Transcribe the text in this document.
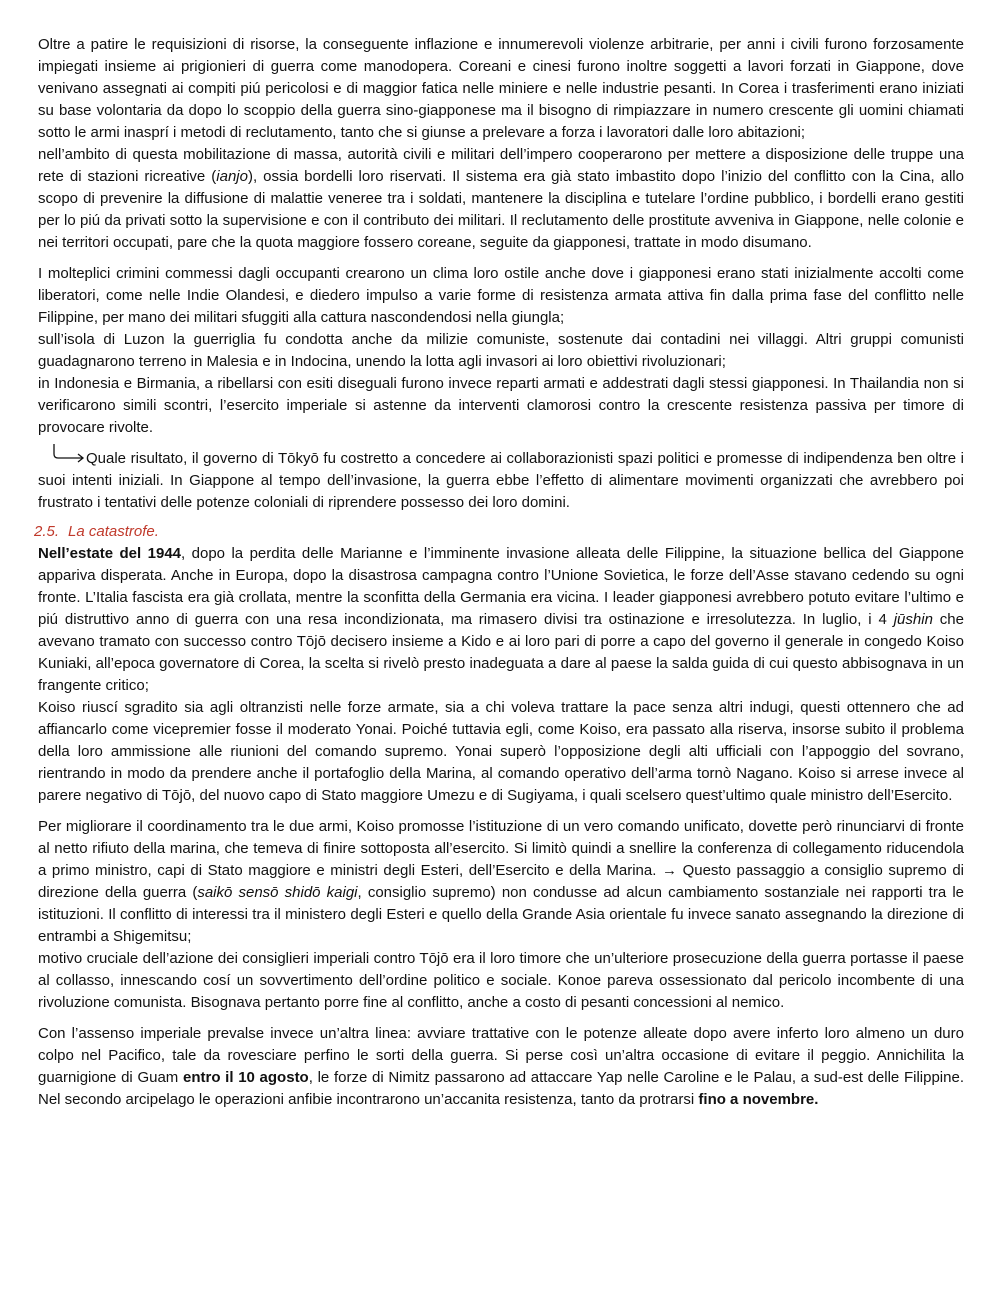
Oltre a patire le requisizioni di risorse, la conseguente inflazione e innumerevoli violenze arbitrarie, per anni i civili furono forzosamente impiegati insieme ai prigionieri di guerra come manodopera. Coreani e cinesi furono inoltre soggetti a lavori forzati in Giappone, dove venivano assegnati ai compiti piú pericolosi e di maggior fatica nelle miniere e nelle industrie pesanti. In Corea i trasferimenti erano iniziati su base volontaria da dopo lo scoppio della guerra sino-giapponese ma il bisogno di rimpiazzare in numero crescente gli uomini chiamati sotto le armi inasprí i metodi di reclutamento, tanto che si giunse a prelevare a forza i lavoratori dalle loro abitazioni;
nell’ambito di questa mobilitazione di massa, autorità civili e militari dell’impero cooperarono per mettere a disposizione delle truppe una rete di stazioni ricreative (ianjo), ossia bordelli loro riservati. Il sistema era già stato imbastito dopo l’inizio del conflitto con la Cina, allo scopo di prevenire la diffusione di malattie veneree tra i soldati, mantenere la disciplina e tutelare l’ordine pubblico, i bordelli erano gestiti per lo piú da privati sotto la supervisione e con il contributo dei militari. Il reclutamento delle prostitute avveniva in Giappone, nelle colonie e nei territori occupati, pare che la quota maggiore fossero coreane, seguite da giapponesi, trattate in modo disumano.

I molteplici crimini commessi dagli occupanti crearono un clima loro ostile anche dove i giapponesi erano stati inizialmente accolti come liberatori, come nelle Indie Olandesi, e diedero impulso a varie forme di resistenza armata attiva fin dalla prima fase del conflitto nelle Filippine, per mano dei militari sfuggiti alla cattura nascondendosi nella giungla;
sull’isola di Luzon la guerriglia fu condotta anche da milizie comuniste, sostenute dai contadini nei villaggi. Altri gruppi comunisti guadagnarono terreno in Malesia e in Indocina, unendo la lotta agli invasori ai loro obiettivi rivoluzionari;
in Indonesia e Birmania, a ribellarsi con esiti diseguali furono invece reparti armati e addestrati dagli stessi giapponesi. In Thailandia non si verificarono simili scontri, l’esercito imperiale si astenne da interventi clamorosi contro la crescente resistenza passiva per timore di provocare rivolte.

Quale risultato, il governo di Tōkyō fu costretto a concedere ai collaborazionisti spazi politici e promesse di indipendenza ben oltre i suoi intenti iniziali. In Giappone al tempo dell’invasione, la guerra ebbe l’effetto di alimentare movimenti organizzati che avrebbero poi frustrato i tentativi delle potenze coloniali di riprendere possesso dei loro domini.

2.5. La catastrofe.

Nell’estate del 1944, dopo la perdita delle Marianne e l’imminente invasione alleata delle Filippine, la situazione bellica del Giappone appariva disperata. Anche in Europa, dopo la disastrosa campagna contro l’Unione Sovietica, le forze dell’Asse stavano cedendo su ogni fronte. L’Italia fascista era già crollata, mentre la sconfitta della Germania era vicina. I leader giapponesi avrebbero potuto evitare l’ultimo e piú distruttivo anno di guerra con una resa incondizionata, ma rimasero divisi tra ostinazione e irresolutezza. In luglio, i 4 jūshin che avevano tramato con successo contro Tōjō decisero insieme a Kido e ai loro pari di porre a capo del governo il generale in congedo Koiso Kuniaki, all’epoca governatore di Corea, la scelta si rivelò presto inadeguata a dare al paese la salda guida di cui questo abbisognava in un frangente critico;
Koiso riuscí sgradito sia agli oltranzisti nelle forze armate, sia a chi voleva trattare la pace senza altri indugi, questi ottennero che ad affiancarlo come vicepremier fosse il moderato Yonai. Poiché tuttavia egli, come Koiso, era passato alla riserva, insorse subito il problema della loro ammissione alle riunioni del comando supremo. Yonai superò l’opposizione degli alti ufficiali con l’appoggio del sovrano, rientrando in modo da prendere anche il portafoglio della Marina, al comando operativo dell’arma tornò Nagano. Koiso si arrese invece al parere negativo di Tōjō, del nuovo capo di Stato maggiore Umezu e di Sugiyama, i quali scelsero quest’ultimo quale ministro dell’Esercito.

Per migliorare il coordinamento tra le due armi, Koiso promosse l’istituzione di un vero comando unificato, dovette però rinunciarvi di fronte al netto rifiuto della marina, che temeva di finire sottoposta all’esercito. Si limitò quindi a snellire la conferenza di collegamento riducendola a primo ministro, capi di Stato maggiore e ministri degli Esteri, dell’Esercito e della Marina. → Questo passaggio a consiglio supremo di direzione della guerra (saikō sensō shidō kaigi, consiglio supremo) non condusse ad alcun cambiamento sostanziale nei rapporti tra le istituzioni. Il conflitto di interessi tra il ministero degli Esteri e quello della Grande Asia orientale fu invece sanato assegnando la direzione di entrambi a Shigemitsu;
motivo cruciale dell’azione dei consiglieri imperiali contro Tōjō era il loro timore che un’ulteriore prosecuzione della guerra portasse il paese al collasso, innescando cosí un sovvertimento dell’ordine politico e sociale. Konoe pareva ossessionato dal pericolo incombente di una rivoluzione comunista. Bisognava pertanto porre fine al conflitto, anche a costo di pesanti concessioni al nemico.

Con l’assenso imperiale prevalse invece un’altra linea: avviare trattative con le potenze alleate dopo avere inferto loro almeno un duro colpo nel Pacifico, tale da rovesciare perfino le sorti della guerra. Si perse così un’altra occasione di evitare il peggio. Annichilita la guarnigione di Guam entro il 10 agosto, le forze di Nimitz passarono ad attaccare Yap nelle Caroline e le Palau, a sud-est delle Filippine. Nel secondo arcipelago le operazioni anfibie incontrarono un’accanita resistenza, tanto da protrarsi fino a novembre.
